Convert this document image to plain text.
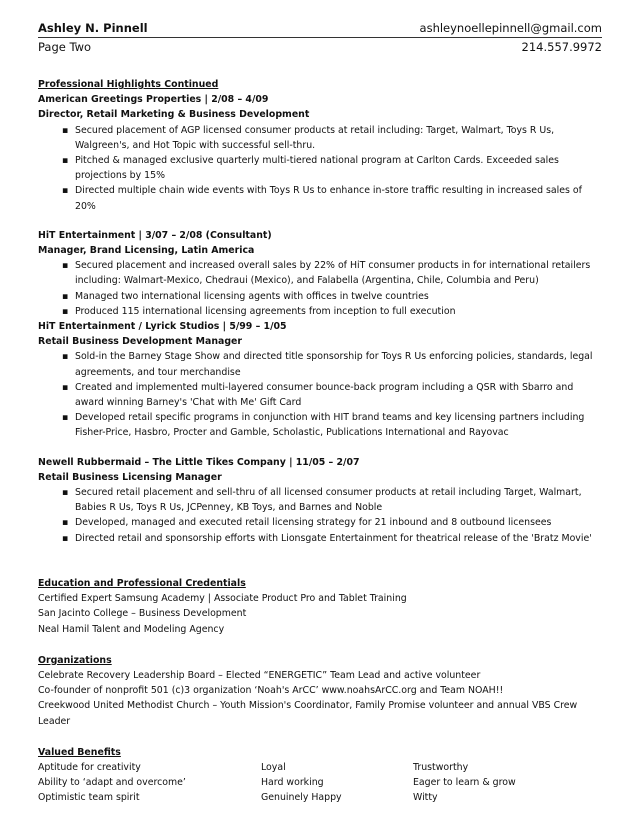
Ashley N. Pinnell	ashleynoellepinnell@gmail.com
Page Two	214.557.9972
Professional Highlights Continued
American Greetings Properties | 2/08 – 4/09
Director, Retail Marketing & Business Development
▪ Secured placement of AGP licensed consumer products at retail including: Target, Walmart, Toys R Us, Walgreen's, and Hot Topic with successful sell-thru.
▪ Pitched & managed exclusive quarterly multi-tiered national program at Carlton Cards. Exceeded sales projections by 15%
▪ Directed multiple chain wide events with Toys R Us to enhance in-store traffic resulting in increased sales of 20%
HiT Entertainment | 3/07 – 2/08 (Consultant)
Manager, Brand Licensing, Latin America
▪ Secured placement and increased overall sales by 22% of HiT consumer products in for international retailers including: Walmart-Mexico, Chedraui (Mexico), and Falabella (Argentina, Chile, Columbia and Peru)
▪ Managed two international licensing agents with offices in twelve countries
▪ Produced 115 international licensing agreements from inception to full execution
HiT Entertainment / Lyrick Studios | 5/99 – 1/05
Retail Business Development Manager
▪ Sold-in the Barney Stage Show and directed title sponsorship for Toys R Us enforcing policies, standards, legal agreements, and tour merchandise
▪ Created and implemented multi-layered consumer bounce-back program including a QSR with Sbarro and award winning Barney's 'Chat with Me' Gift Card
▪ Developed retail specific programs in conjunction with HIT brand teams and key licensing partners including Fisher-Price, Hasbro, Procter and Gamble, Scholastic, Publications International and Rayovac
Newell Rubbermaid – The Little Tikes Company | 11/05 – 2/07
Retail Business Licensing Manager
▪ Secured retail placement and sell-thru of all licensed consumer products at retail including Target, Walmart, Babies R Us, Toys R Us, JCPenney, KB Toys, and Barnes and Noble
▪ Developed, managed and executed retail licensing strategy for 21 inbound and 8 outbound licensees
▪ Directed retail and sponsorship efforts with Lionsgate Entertainment for theatrical release of the 'Bratz Movie'
Education and Professional Credentials
Certified Expert Samsung Academy | Associate Product Pro and Tablet Training
San Jacinto College – Business Development
Neal Hamil Talent and Modeling Agency
Organizations
Celebrate Recovery Leadership Board – Elected “ENERGETIC” Team Lead and active volunteer
Co-founder of nonprofit 501 (c)3 organization ‘Noah's ArCC’ www.noahsArCC.org and Team NOAH!!
Creekwood United Methodist Church – Youth Mission's Coordinator, Family Promise volunteer and annual VBS Crew Leader
Valued Benefits
Aptitude for creativity	Loyal	Trustworthy
Ability to ‘adapt and overcome’	Hard working	Eager to learn & grow
Optimistic team spirit	Genuinely Happy	Witty
